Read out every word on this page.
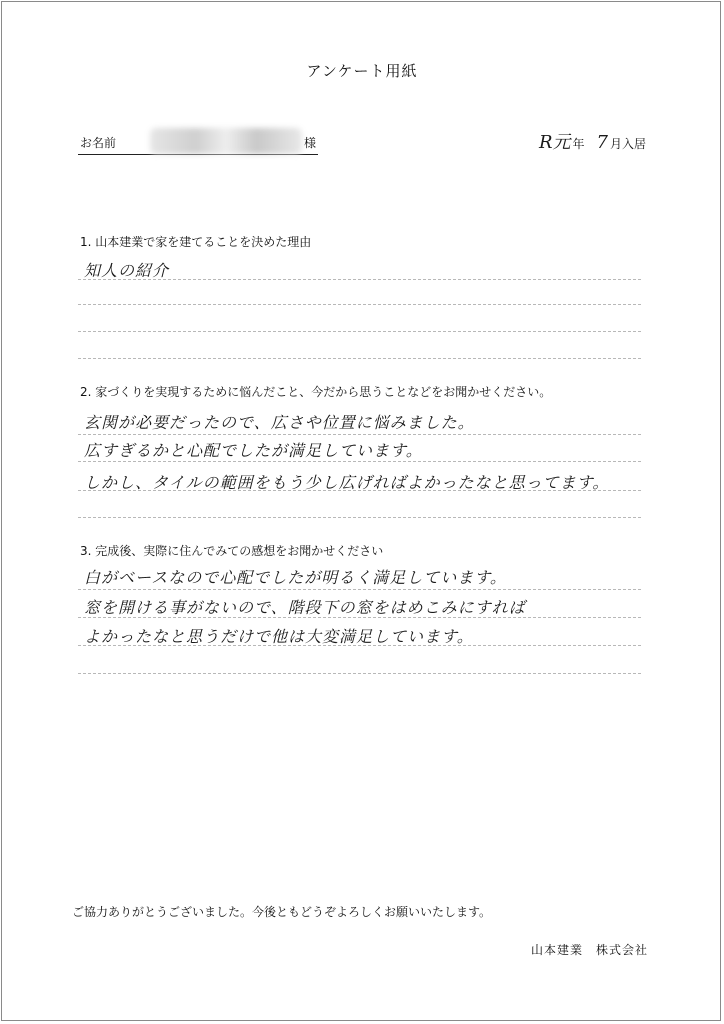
アンケート用紙
お名前	様	R元 年 7 月入居
1. 山本建業で家を建てることを決めた理由
知人の紹介
2. 家づくりを実現するために悩んだこと、今だから思うことなどをお聞かせください。
玄関が必要だったので、広さや位置に悩みました。
広すぎるかと心配でしたが満足しています。
しかし、タイルの範囲をもう少し広げればよかったなと思ってます。
3. 完成後、実際に住んでみての感想をお聞かせください
白がベースなので心配でしたが明るく満足しています。
窓を開ける事がないので、階段下の窓をはめこみにすれば
よかったなと思うだけで他は大変満足しています。
ご協力ありがとうございました。今後ともどうぞよろしくお願いいたします。
山本建業　株式会社
